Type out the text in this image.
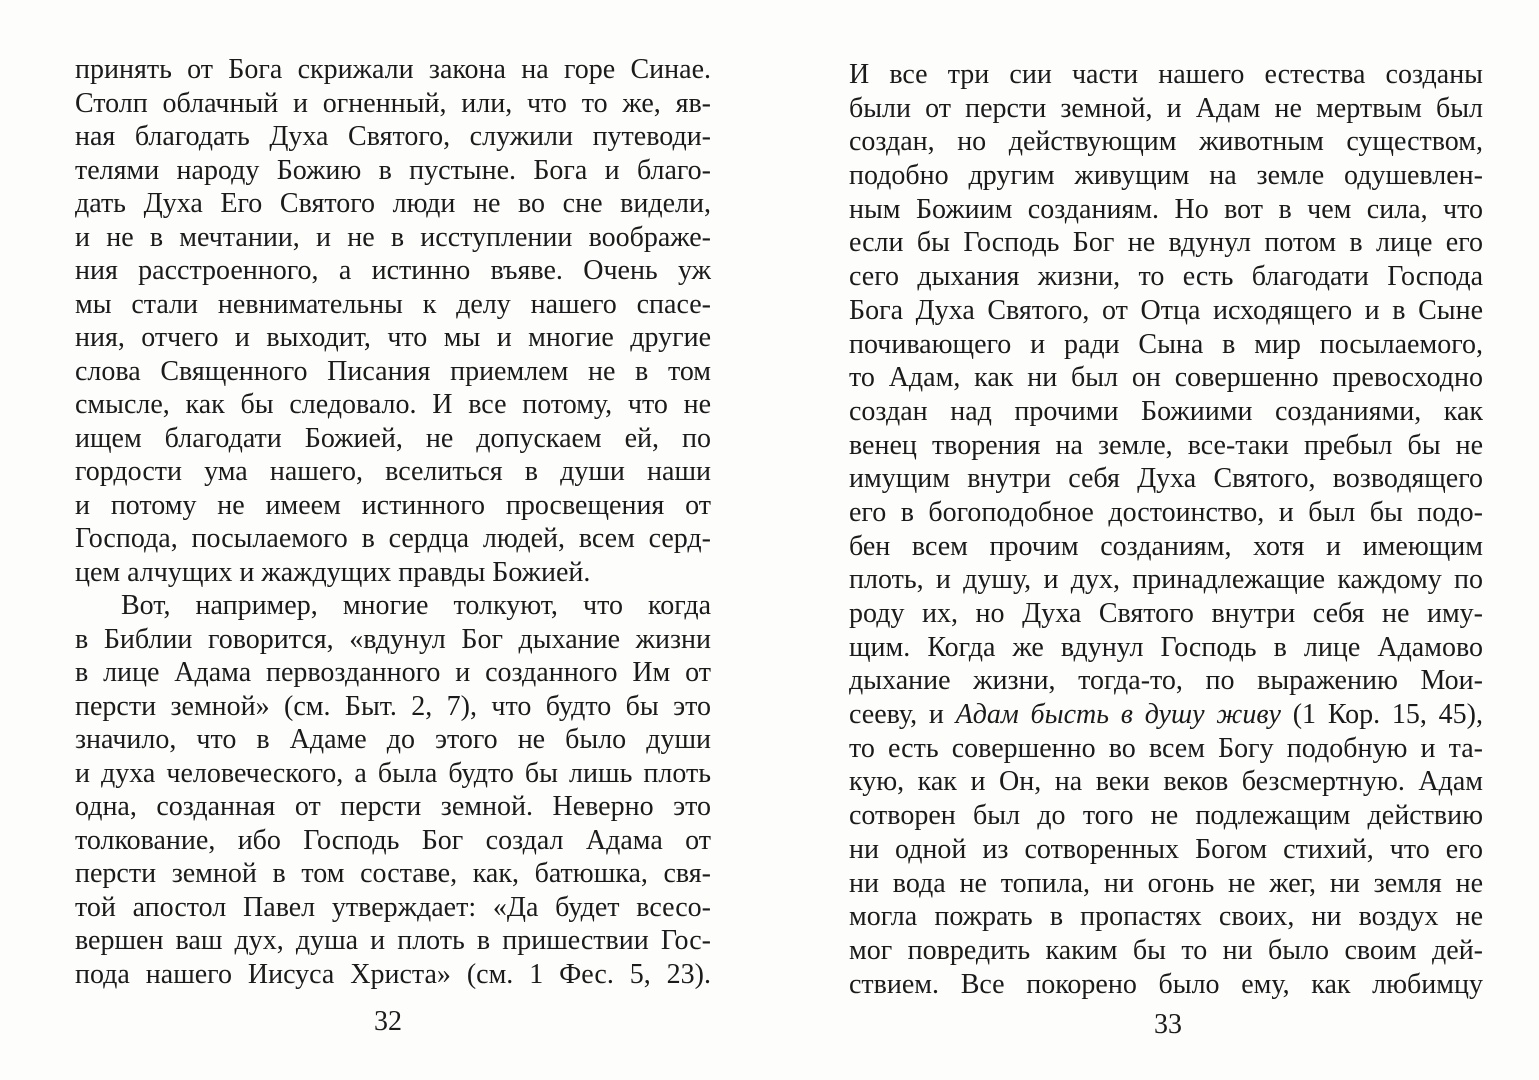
принять от Бога скрижали закона на горе Синае.
Столп облачный и огненный, или, что то же, яв-
ная благодать Духа Святого, служили путеводи-
телями народу Божию в пустыне. Бога и благо-
дать Духа Его Святого люди не во сне видели,
и не в мечтании, и не в исступлении воображе-
ния расстроенного, а истинно въяве. Очень уж
мы стали невнимательны к делу нашего спасе-
ния, отчего и выходит, что мы и многие другие
слова Священного Писания приемлем не в том
смысле, как бы следовало. И все потому, что не
ищем благодати Божией, не допускаем ей, по
гордости ума нашего, вселиться в души наши
и потому не имеем истинного просвещения от
Господа, посылаемого в сердца людей, всем серд-
цем алчущих и жаждущих правды Божией.
Вот, например, многие толкуют, что когда
в Библии говорится, «вдунул Бог дыхание жизни
в лице Адама первозданного и созданного Им от
персти земной» (см. Быт. 2, 7), что будто бы это
значило, что в Адаме до этого не было души
и духа человеческого, а была будто бы лишь плоть
одна, созданная от персти земной. Неверно это
толкование, ибо Господь Бог создал Адама от
персти земной в том составе, как, батюшка, свя-
той апостол Павел утверждает: «Да будет всесо-
вершен ваш дух, душа и плоть в пришествии Гос-
пода нашего Иисуса Христа» (см. 1 Фес. 5, 23).
32
И все три сии части нашего естества созданы
были от персти земной, и Адам не мертвым был
создан, но действующим животным существом,
подобно другим живущим на земле одушевлен-
ным Божиим созданиям. Но вот в чем сила, что
если бы Господь Бог не вдунул потом в лице его
сего дыхания жизни, то есть благодати Господа
Бога Духа Святого, от Отца исходящего и в Сыне
почивающего и ради Сына в мир посылаемого,
то Адам, как ни был он совершенно превосходно
создан над прочими Божиими созданиями, как
венец творения на земле, все-таки пребыл бы не
имущим внутри себя Духа Святого, возводящего
его в богоподобное достоинство, и был бы подо-
бен всем прочим созданиям, хотя и имеющим
плоть, и душу, и дух, принадлежащие каждому по
роду их, но Духа Святого внутри себя не иму-
щим. Когда же вдунул Господь в лице Адамово
дыхание жизни, тогда-то, по выражению Мои-
сееву, и Адам бысть в душу живу (1 Кор. 15, 45),
то есть совершенно во всем Богу подобную и та-
кую, как и Он, на веки веков безсмертную. Адам
сотворен был до того не подлежащим действию
ни одной из сотворенных Богом стихий, что его
ни вода не топила, ни огонь не жег, ни земля не
могла пожрать в пропастях своих, ни воздух не
мог повредить каким бы то ни было своим дей-
ствием. Все покорено было ему, как любимцу
33
